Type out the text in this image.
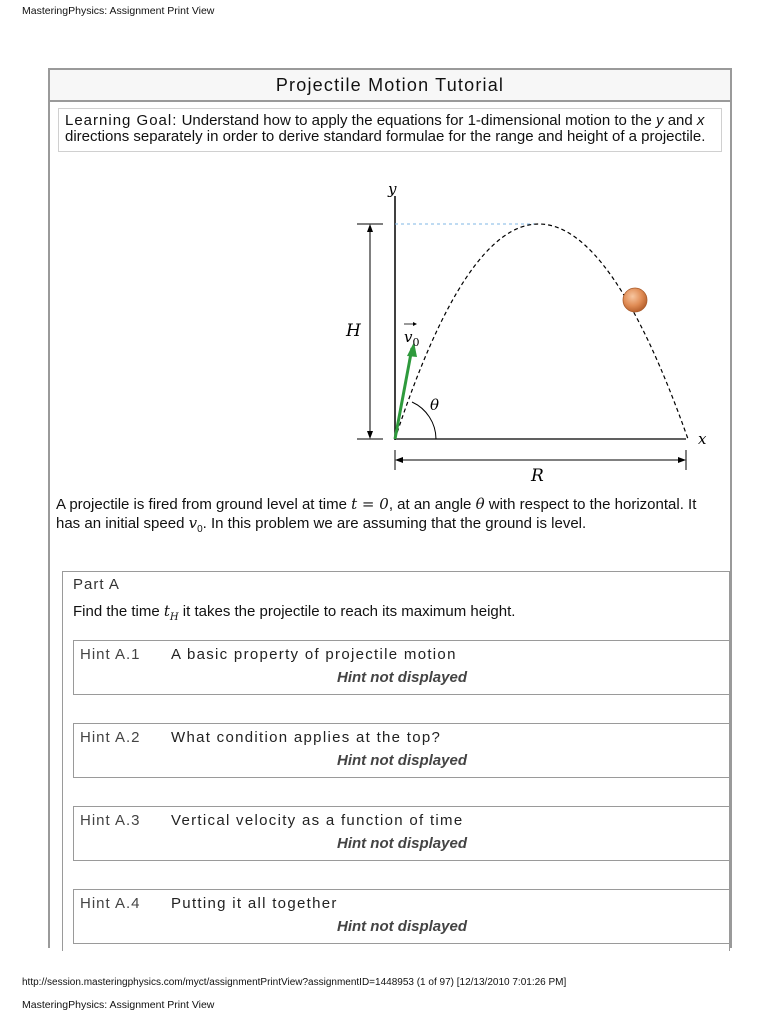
MasteringPhysics: Assignment Print View
Projectile Motion Tutorial
Learning Goal: Understand how to apply the equations for 1-dimensional motion to the y and x directions separately in order to derive standard formulae for the range and height of a projectile.
y
x
H
θ
$v_0$
R
A projectile is fired from ground level at time t = 0, at an angle θ with respect to the horizontal. It has an initial speed $v_0$. In this problem we are assuming that the ground is level.
Part A
Find the time $t_H$ it takes the projectile to reach its maximum height.
Hint A.1 A basic property of projectile motion
Hint not displayed
Hint A.2 What condition applies at the top?
Hint not displayed
Hint A.3 Vertical velocity as a function of time
Hint not displayed
Hint A.4 Putting it all together
Hint not displayed
http://session.masteringphysics.com/myct/assignmentPrintView?assignmentID=1448953 (1 of 97) [12/13/2010 7:01:26 PM]
MasteringPhysics: Assignment Print View
